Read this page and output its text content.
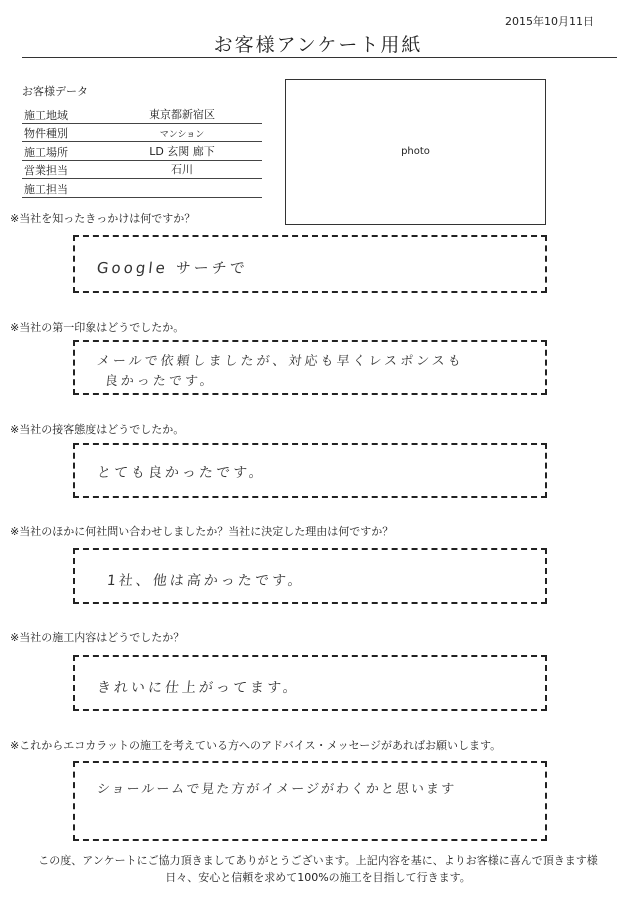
2015年10月11日
お客様アンケート用紙
お客様データ
施工地域	東京都新宿区
物件種別	マンション
施工場所	LD 玄関 廊下
営業担当	石川
施工担当
photo
※当社を知ったきっかけは何ですか？
Google サーチで
※当社の第一印象はどうでしたか。
メールで依頼しましたが、対応も早くレスポンスも
良かったです。
※当社の接客態度はどうでしたか。
とても良かったです。
※当社のほかに何社問い合わせしましたか？当社に決定した理由は何ですか？
1社、他は高かったです。
※当社の施工内容はどうでしたか？
きれいに仕上がってます。
※これからエコカラットの施工を考えている方へのアドバイス・メッセージがあればお願いします。
ショールームで見た方がイメージがわくかと思います
この度、アンケートにご協力頂きましてありがとうございます。上記内容を基に、よりお客様に喜んで頂きます様
日々、安心と信頼を求めて100%の施工を目指して行きます。
